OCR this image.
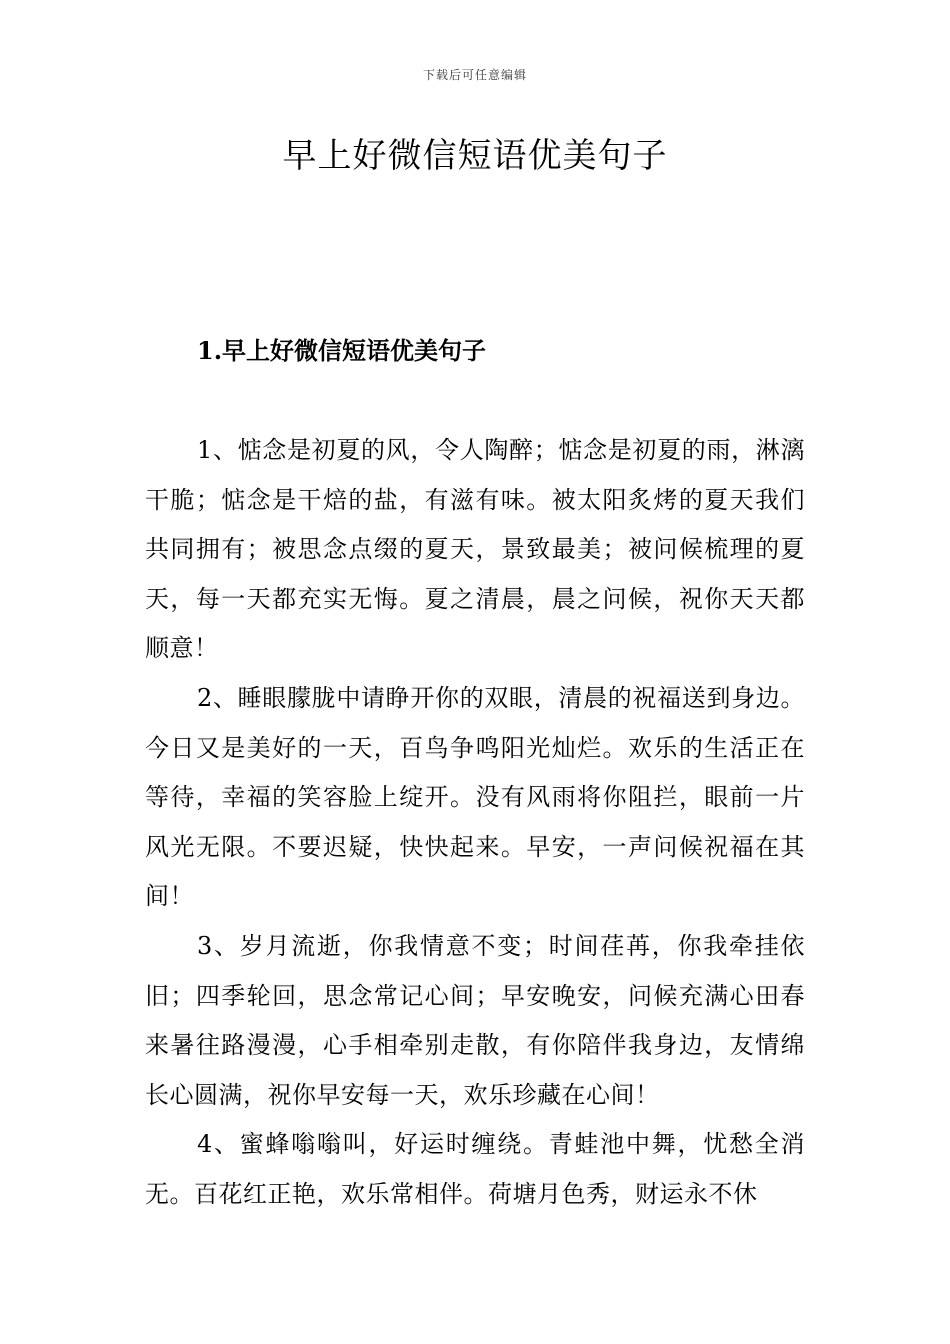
下载后可任意编辑
早上好微信短语优美句子
1.早上好微信短语优美句子

1、惦念是初夏的风，令人陶醉；惦念是初夏的雨，淋漓干脆；惦念是干焙的盐，有滋有味。被太阳炙烤的夏天我们共同拥有；被思念点缀的夏天，景致最美；被问候梳理的夏天，每一天都充实无悔。夏之清晨，晨之问候，祝你天天都顺意！

2、睡眼朦胧中请睁开你的双眼，清晨的祝福送到身边。今日又是美好的一天，百鸟争鸣阳光灿烂。欢乐的生活正在等待，幸福的笑容脸上绽开。没有风雨将你阻拦，眼前一片风光无限。不要迟疑，快快起来。早安，一声问候祝福在其间！

3、岁月流逝，你我情意不变；时间荏苒，你我牵挂依旧；四季轮回，思念常记心间；早安晚安，问候充满心田春来暑往路漫漫，心手相牵别走散，有你陪伴我身边，友情绵长心圆满，祝你早安每一天，欢乐珍藏在心间！

4、蜜蜂嗡嗡叫，好运时缠绕。青蛙池中舞，忧愁全消无。百花红正艳，欢乐常相伴。荷塘月色秀，财运永不休
